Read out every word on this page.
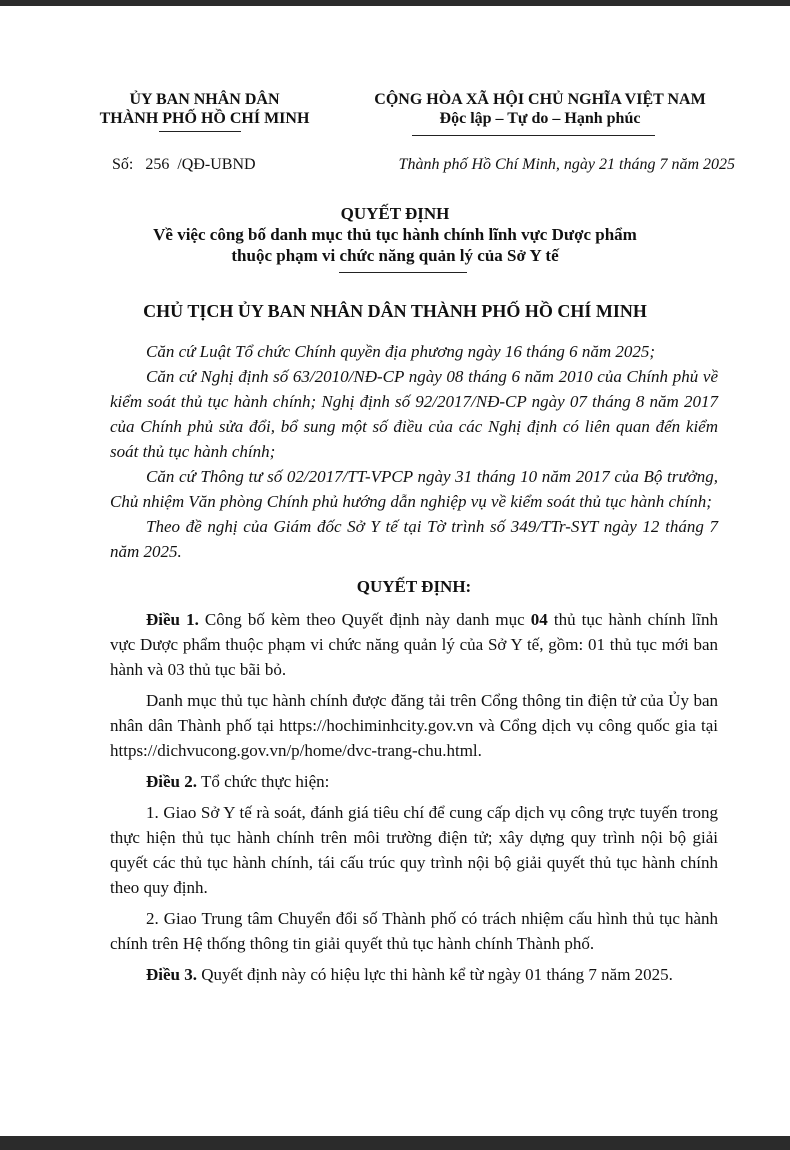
ỦY BAN NHÂN DÂN
THÀNH PHỐ HỒ CHÍ MINH
CỘNG HÒA XÃ HỘI CHỦ NGHĨA VIỆT NAM
Độc lập – Tự do – Hạnh phúc
Số:   256  /QĐ-UBND	Thành phố Hồ Chí Minh, ngày 21 tháng 7 năm 2025
QUYẾT ĐỊNH
Về việc công bố danh mục thủ tục hành chính lĩnh vực Dược phẩm
thuộc phạm vi chức năng quản lý của Sở Y tế
CHỦ TỊCH ỦY BAN NHÂN DÂN THÀNH PHỐ HỒ CHÍ MINH

Căn cứ Luật Tổ chức Chính quyền địa phương ngày 16 tháng 6 năm 2025;

Căn cứ Nghị định số 63/2010/NĐ-CP ngày 08 tháng 6 năm 2010 của Chính phủ về kiểm soát thủ tục hành chính; Nghị định số 92/2017/NĐ-CP ngày 07 tháng 8 năm 2017 của Chính phủ sửa đổi, bổ sung một số điều của các Nghị định có liên quan đến kiểm soát thủ tục hành chính;

Căn cứ Thông tư số 02/2017/TT-VPCP ngày 31 tháng 10 năm 2017 của Bộ trưởng, Chủ nhiệm Văn phòng Chính phủ hướng dẫn nghiệp vụ về kiểm soát thủ tục hành chính;

Theo đề nghị của Giám đốc Sở Y tế tại Tờ trình số 349/TTr-SYT ngày 12 tháng 7 năm 2025.

QUYẾT ĐỊNH:

Điều 1. Công bố kèm theo Quyết định này danh mục 04 thủ tục hành chính lĩnh vực Dược phẩm thuộc phạm vi chức năng quản lý của Sở Y tế, gồm: 01 thủ tục mới ban hành và 03 thủ tục bãi bỏ.

Danh mục thủ tục hành chính được đăng tải trên Cổng thông tin điện tử của Ủy ban nhân dân Thành phố tại https://hochiminhcity.gov.vn và Cổng dịch vụ công quốc gia tại https://dichvucong.gov.vn/p/home/dvc-trang-chu.html.

Điều 2. Tổ chức thực hiện:

1. Giao Sở Y tế rà soát, đánh giá tiêu chí để cung cấp dịch vụ công trực tuyến trong thực hiện thủ tục hành chính trên môi trường điện tử; xây dựng quy trình nội bộ giải quyết các thủ tục hành chính, tái cấu trúc quy trình nội bộ giải quyết thủ tục hành chính theo quy định.

2. Giao Trung tâm Chuyển đổi số Thành phố có trách nhiệm cấu hình thủ tục hành chính trên Hệ thống thông tin giải quyết thủ tục hành chính Thành phố.

Điều 3. Quyết định này có hiệu lực thi hành kể từ ngày 01 tháng 7 năm 2025.
